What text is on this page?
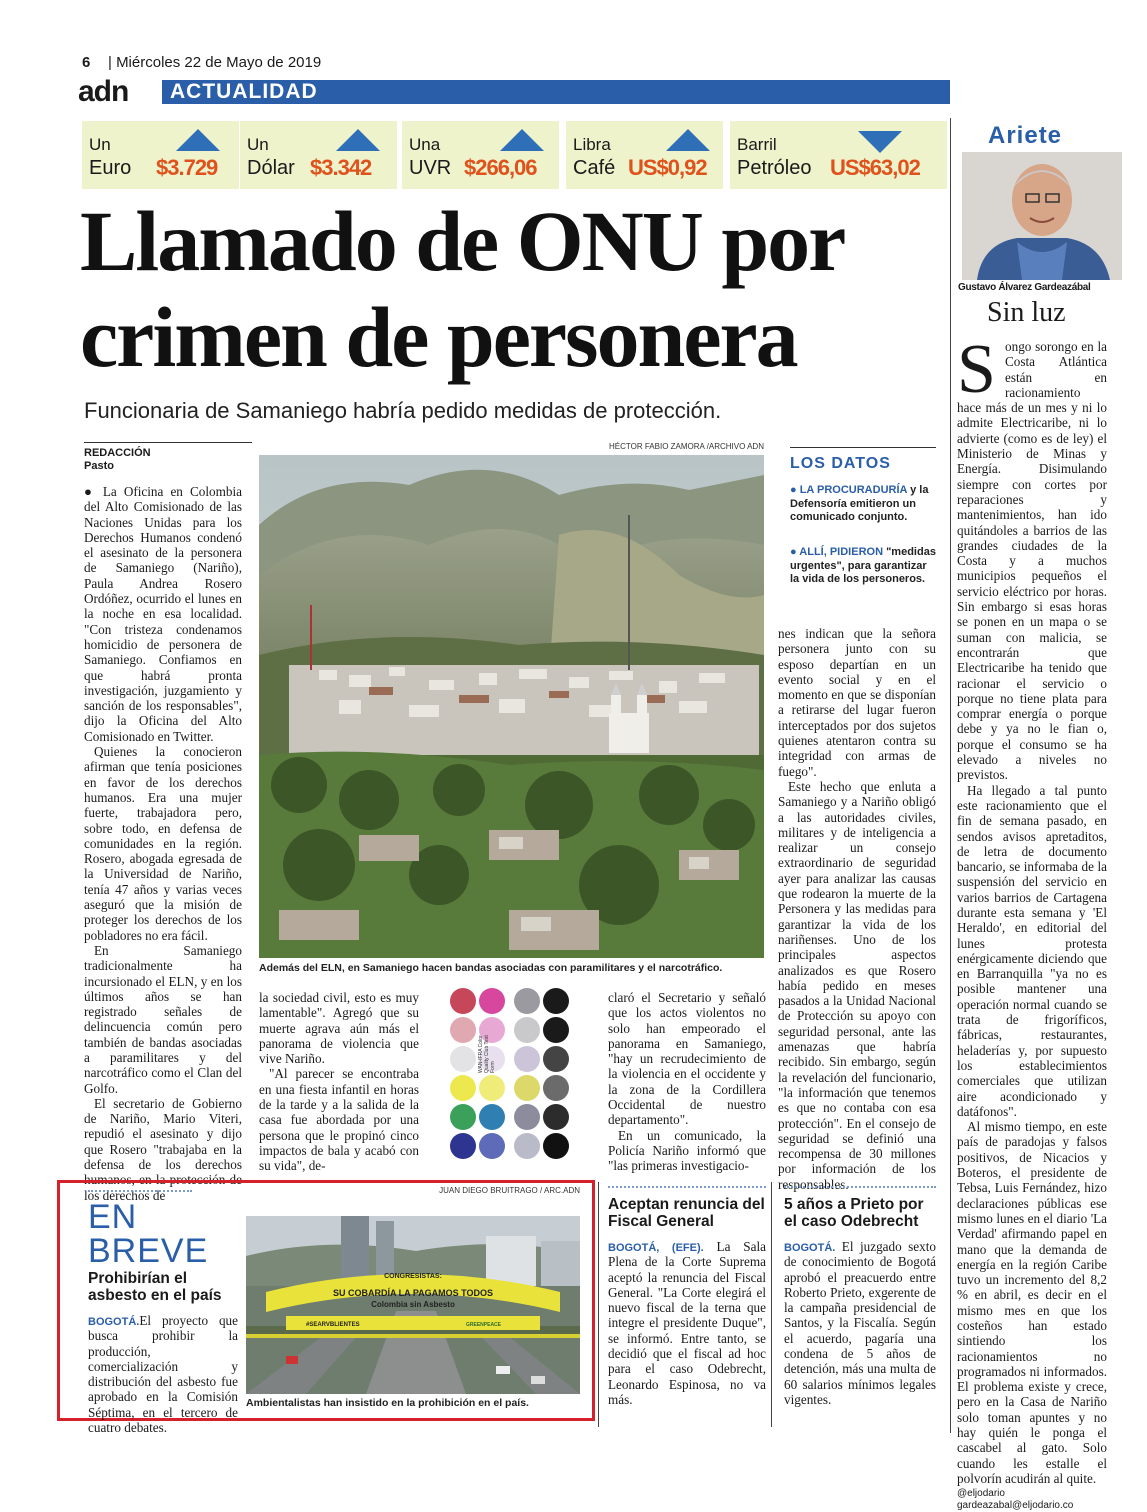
6 | Miércoles 22 de Mayo de 2019
adn	ACTUALIDAD
Un
Euro $3.729
Un
Dólar $3.342
Una
UVR $266,06
Libra
Café US$0,92
Barril
Petróleo US$63,02
Llamado de ONU por
crimen de personera
Funcionaria de Samaniego habría pedido medidas de protección.
REDACCIÓN
Pasto
HÉCTOR FABIO ZAMORA /ARCHIVO ADN
Además del ELN, en Samaniego hacen bandas asociadas con paramilitares y el narcotráfico.

● La Oficina en Colombia del Alto Comisionado de las Naciones Unidas para los Derechos Humanos condenó el asesinato de la personera de Samaniego (Nariño), Paula Andrea Rosero Ordóñez, ocurrido el lunes en la noche en esa localidad. "Con tristeza condenamos homicidio de personera de Samaniego. Confiamos en que habrá pronta investigación, juzgamiento y sanción de los responsables", dijo la Oficina del Alto Comisionado en Twitter.

Quienes la conocieron afirman que tenía posiciones en favor de los derechos humanos. Era una mujer fuerte, trabajadora pero, sobre todo, en defensa de comunidades en la región. Rosero, abogada egresada de la Universidad de Nariño, tenía 47 años y varias veces aseguró que la misión de proteger los derechos de los pobladores no era fácil.

En Samaniego tradicionalmente ha incursionado el ELN, y en los últimos años se han registrado señales de delincuencia común pero también de bandas asociadas a paramilitares y del narcotráfico como el Clan del Golfo.

El secretario de Gobierno de Nariño, Mario Viteri, repudió el asesinato y dijo que Rosero "trabajaba en la defensa de los derechos humanos, en la protección de los derechos de

la sociedad civil, esto es muy lamentable". Agregó que su muerte agrava aún más el panorama de violencia que vive Nariño.

"Al parecer se encontraba en una fiesta infantil en horas de la tarde y a la salida de la casa fue abordada por una persona que le propinó cinco impactos de bala y acabó con su vida", de-

WAN-IFRA Color Quality Club Test Form

claró el Secretario y señaló que los actos violentos no solo han empeorado el panorama en Samaniego, "hay un recrudecimiento de la violencia en el occidente y la zona de la Cordillera Occidental de nuestro departamento".

En un comunicado, la Policía Nariño informó que "las primeras investigacio-

LOS DATOS
● LA PROCURADURÍA y la Defensoría emitieron un comunicado conjunto.
● ALLÍ, PIDIERON "medidas urgentes", para garantizar la vida de los personeros.

nes indican que la señora personera junto con su esposo departían en un evento social y en el momento en que se disponían a retirarse del lugar fueron interceptados por dos sujetos quienes atentaron contra su integridad con armas de fuego".

Este hecho que enluta a Samaniego y a Nariño obligó a las autoridades civiles, militares y de inteligencia a realizar un consejo extraordinario de seguridad ayer para analizar las causas que rodearon la muerte de la Personera y las medidas para garantizar la vida de los nariñenses. Uno de los principales aspectos analizados es que Rosero había pedido en meses pasados a la Unidad Nacional de Protección su apoyo con seguridad personal, ante las amenazas que habría recibido. Sin embargo, según la revelación del funcionario, "la información que tenemos es que no contaba con esa protección". En el consejo de seguridad se definió una recompensa de 30 millones por información de los responsables.

Ariete
Gustavo Álvarez Gardeazábal
Sin luz
S ongo sorongo en la Costa Atlántica están en racionamiento hace más de un mes y ni lo admite Electricaribe, ni lo advierte (como es de ley) el Ministerio de Minas y Energía. Disimulando siempre con cortes por reparaciones y mantenimientos, han ido quitándoles a barrios de las grandes ciudades de la Costa y a muchos municipios pequeños el servicio eléctrico por horas. Sin embargo si esas horas se ponen en un mapa o se suman con malicia, se encontrarán que Electricaribe ha tenido que racionar el servicio o porque no tiene plata para comprar energía o porque debe y ya no le fian o, porque el consumo se ha elevado a niveles no previstos.

Ha llegado a tal punto este racionamiento que el fin de semana pasado, en sendos avisos apretaditos, de letra de documento bancario, se informaba de la suspensión del servicio en varios barrios de Cartagena durante esta semana y 'El Heraldo', en editorial del lunes protesta enérgicamente diciendo que en Barranquilla "ya no es posible mantener una operación normal cuando se trata de frigoríficos, fábricas, restaurantes, heladerías y, por supuesto los establecimientos comerciales que utilizan aire acondicionado y datáfonos".

Al mismo tiempo, en este país de paradojas y falsos positivos, de Nicacios y Boteros, el presidente de Tebsa, Luis Fernández, hizo declaraciones públicas ese mismo lunes en el diario 'La Verdad' afirmando papel en mano que la demanda de energía en la región Caribe tuvo un incremento del 8,2 % en abril, es decir en el mismo mes en que los costeños han estado sintiendo los racionamientos no programados ni informados. El problema existe y crece, pero en la Casa de Nariño solo toman apuntes y no hay quién le ponga el cascabel al gato. Solo cuando les estalle el polvorín acudirán al quite.

@eljodario

gardeazabal@eljodario.co

EN
BREVE
Prohibirían el asbesto en el país
BOGOTÁ.El proyecto que busca prohibir la producción, comercialización y distribución del asbesto fue aprobado en la Comisión Séptima, en el tercero de cuatro debates.
JUAN DIEGO BRUITRAGO / ARC.ADN
CONGRESISTAS:
SU COBARDÍA LA PAGAMOS TODOS
Colombia sin Asbesto
#SEARVBLIENTES	GREENPEACE
Ambientalistas han insistido en la prohibición en el país.
Aceptan renuncia del Fiscal General
BOGOTÁ, (EFE). La Sala Plena de la Corte Suprema aceptó la renuncia del Fiscal General. "La Corte elegirá el nuevo fiscal de la terna que integre el presidente Duque", se informó. Entre tanto, se decidió que el fiscal ad hoc para el caso Odebrecht, Leonardo Espinosa, no va más.
5 años a Prieto por el caso Odebrecht
BOGOTÁ. El juzgado sexto de conocimiento de Bogotá aprobó el preacuerdo entre Roberto Prieto, exgerente de la campaña presidencial de Santos, y la Fiscalía. Según el acuerdo, pagaría una condena de 5 años de detención, más una multa de 60 salarios mínimos legales vigentes.
